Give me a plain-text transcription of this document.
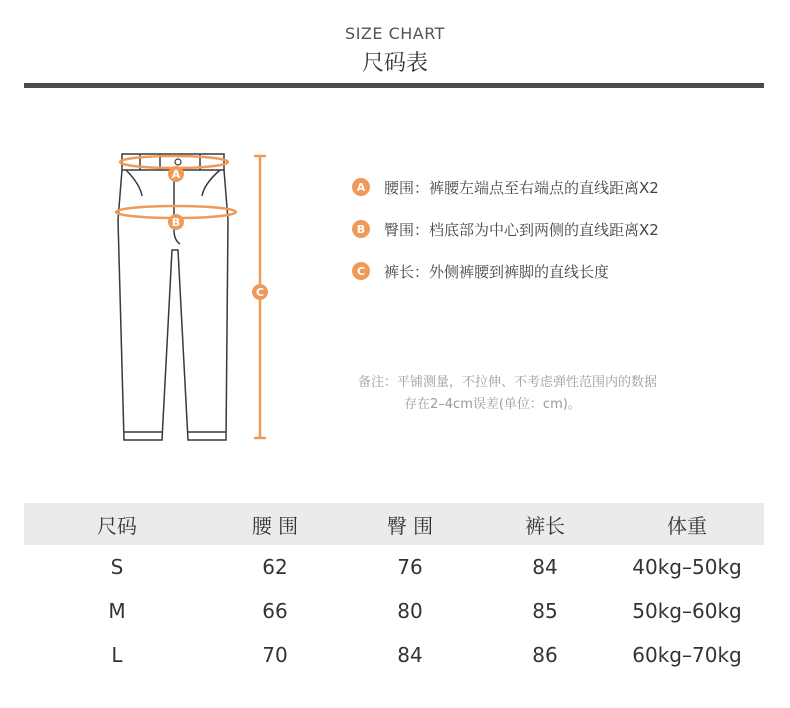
SIZE CHART
尺码表
A
B
C
A	腰围：裤腰左端点至右端点的直线距离X2
B	臀围：档底部为中心到两侧的直线距离X2
C	裤长：外侧裤腰到裤脚的直线长度
备注：平铺测量，不拉伸、不考虑弹性范围内的数据
存在2–4cm误差(单位：cm)。
尺码	腰 围	臀 围	裤长	体重
S	62	76	84	40kg–50kg
M	66	80	85	50kg–60kg
L	70	84	86	60kg–70kg
